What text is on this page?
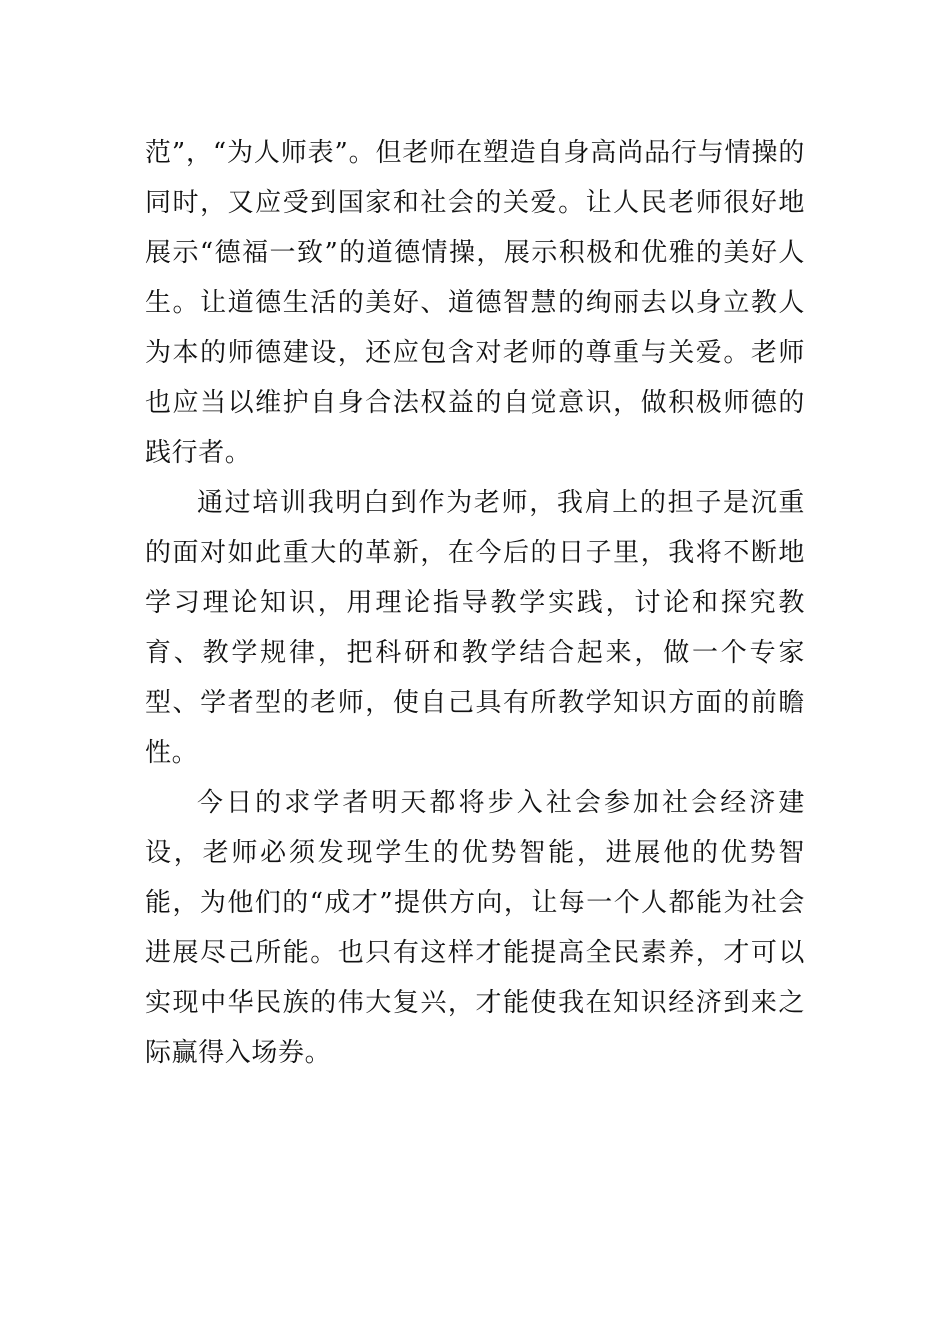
范”，“为人师表”。但老师在塑造自身高尚品行与情操的同时，又应受到国家和社会的关爱。让人民老师很好地展示“德福一致”的道德情操，展示积极和优雅的美好人生。让道德生活的美好、道德智慧的绚丽去以身立教人为本的师德建设，还应包含对老师的尊重与关爱。老师也应当以维护自身合法权益的自觉意识，做积极师德的践行者。

通过培训我明白到作为老师，我肩上的担子是沉重的面对如此重大的革新，在今后的日子里，我将不断地学习理论知识，用理论指导教学实践，讨论和探究教育、教学规律，把科研和教学结合起来，做一个专家型、学者型的老师，使自己具有所教学知识方面的前瞻性。

今日的求学者明天都将步入社会参加社会经济建设，老师必须发现学生的优势智能，进展他的优势智能，为他们的“成才”提供方向，让每一个人都能为社会进展尽己所能。也只有这样才能提高全民素养，才可以实现中华民族的伟大复兴，才能使我在知识经济到来之际赢得入场券。
